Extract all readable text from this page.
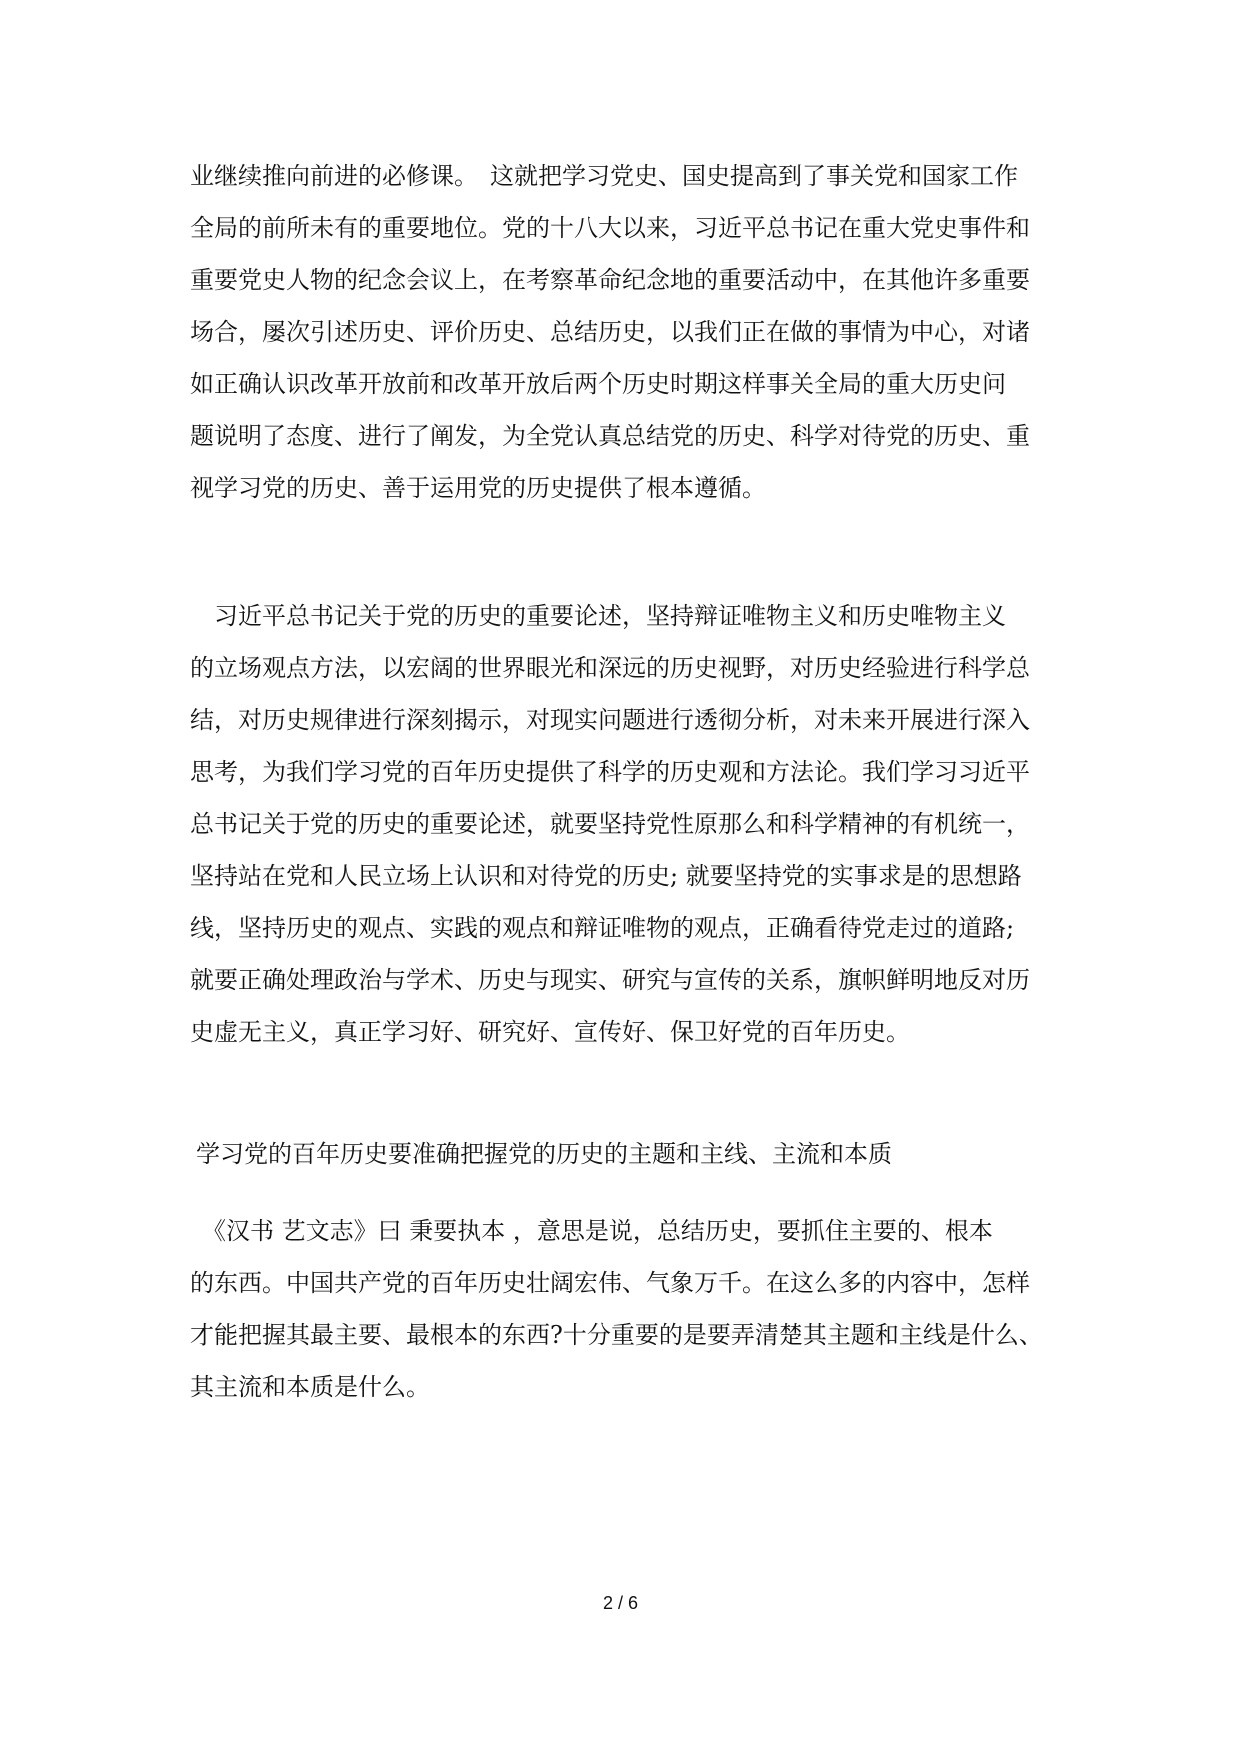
业继续推向前进的必修课。　这就把学习党史、国史提高到了事关党和国家工作
全局的前所未有的重要地位。党的十八大以来，习近平总书记在重大党史事件和
重要党史人物的纪念会议上，在考察革命纪念地的重要活动中，在其他许多重要
场合，屡次引述历史、评价历史、总结历史，以我们正在做的事情为中心，对诸
如正确认识改革开放前和改革开放后两个历史时期这样事关全局的重大历史问
题说明了态度、进行了阐发，为全党认真总结党的历史、科学对待党的历史、重
视学习党的历史、善于运用党的历史提供了根本遵循。
　习近平总书记关于党的历史的重要论述，坚持辩证唯物主义和历史唯物主义
的立场观点方法，以宏阔的世界眼光和深远的历史视野，对历史经验进行科学总
结，对历史规律进行深刻揭示，对现实问题进行透彻分析，对未来开展进行深入
思考，为我们学习党的百年历史提供了科学的历史观和方法论。我们学习习近平
总书记关于党的历史的重要论述，就要坚持党性原那么和科学精神的有机统一，
坚持站在党和人民立场上认识和对待党的历史; 就要坚持党的实事求是的思想路
线，坚持历史的观点、实践的观点和辩证唯物的观点，正确看待党走过的道路;
就要正确处理政治与学术、历史与现实、研究与宣传的关系，旗帜鲜明地反对历
史虚无主义，真正学习好、研究好、宣传好、保卫好党的百年历史。
学习党的百年历史要准确把握党的历史的主题和主线、主流和本质
　《汉书 艺文志》曰 秉要执本 ，意思是说，总结历史，要抓住主要的、根本
的东西。中国共产党的百年历史壮阔宏伟、气象万千。在这么多的内容中，怎样
才能把握其最主要、最根本的东西?十分重要的是要弄清楚其主题和主线是什么、
其主流和本质是什么。
2 / 6
